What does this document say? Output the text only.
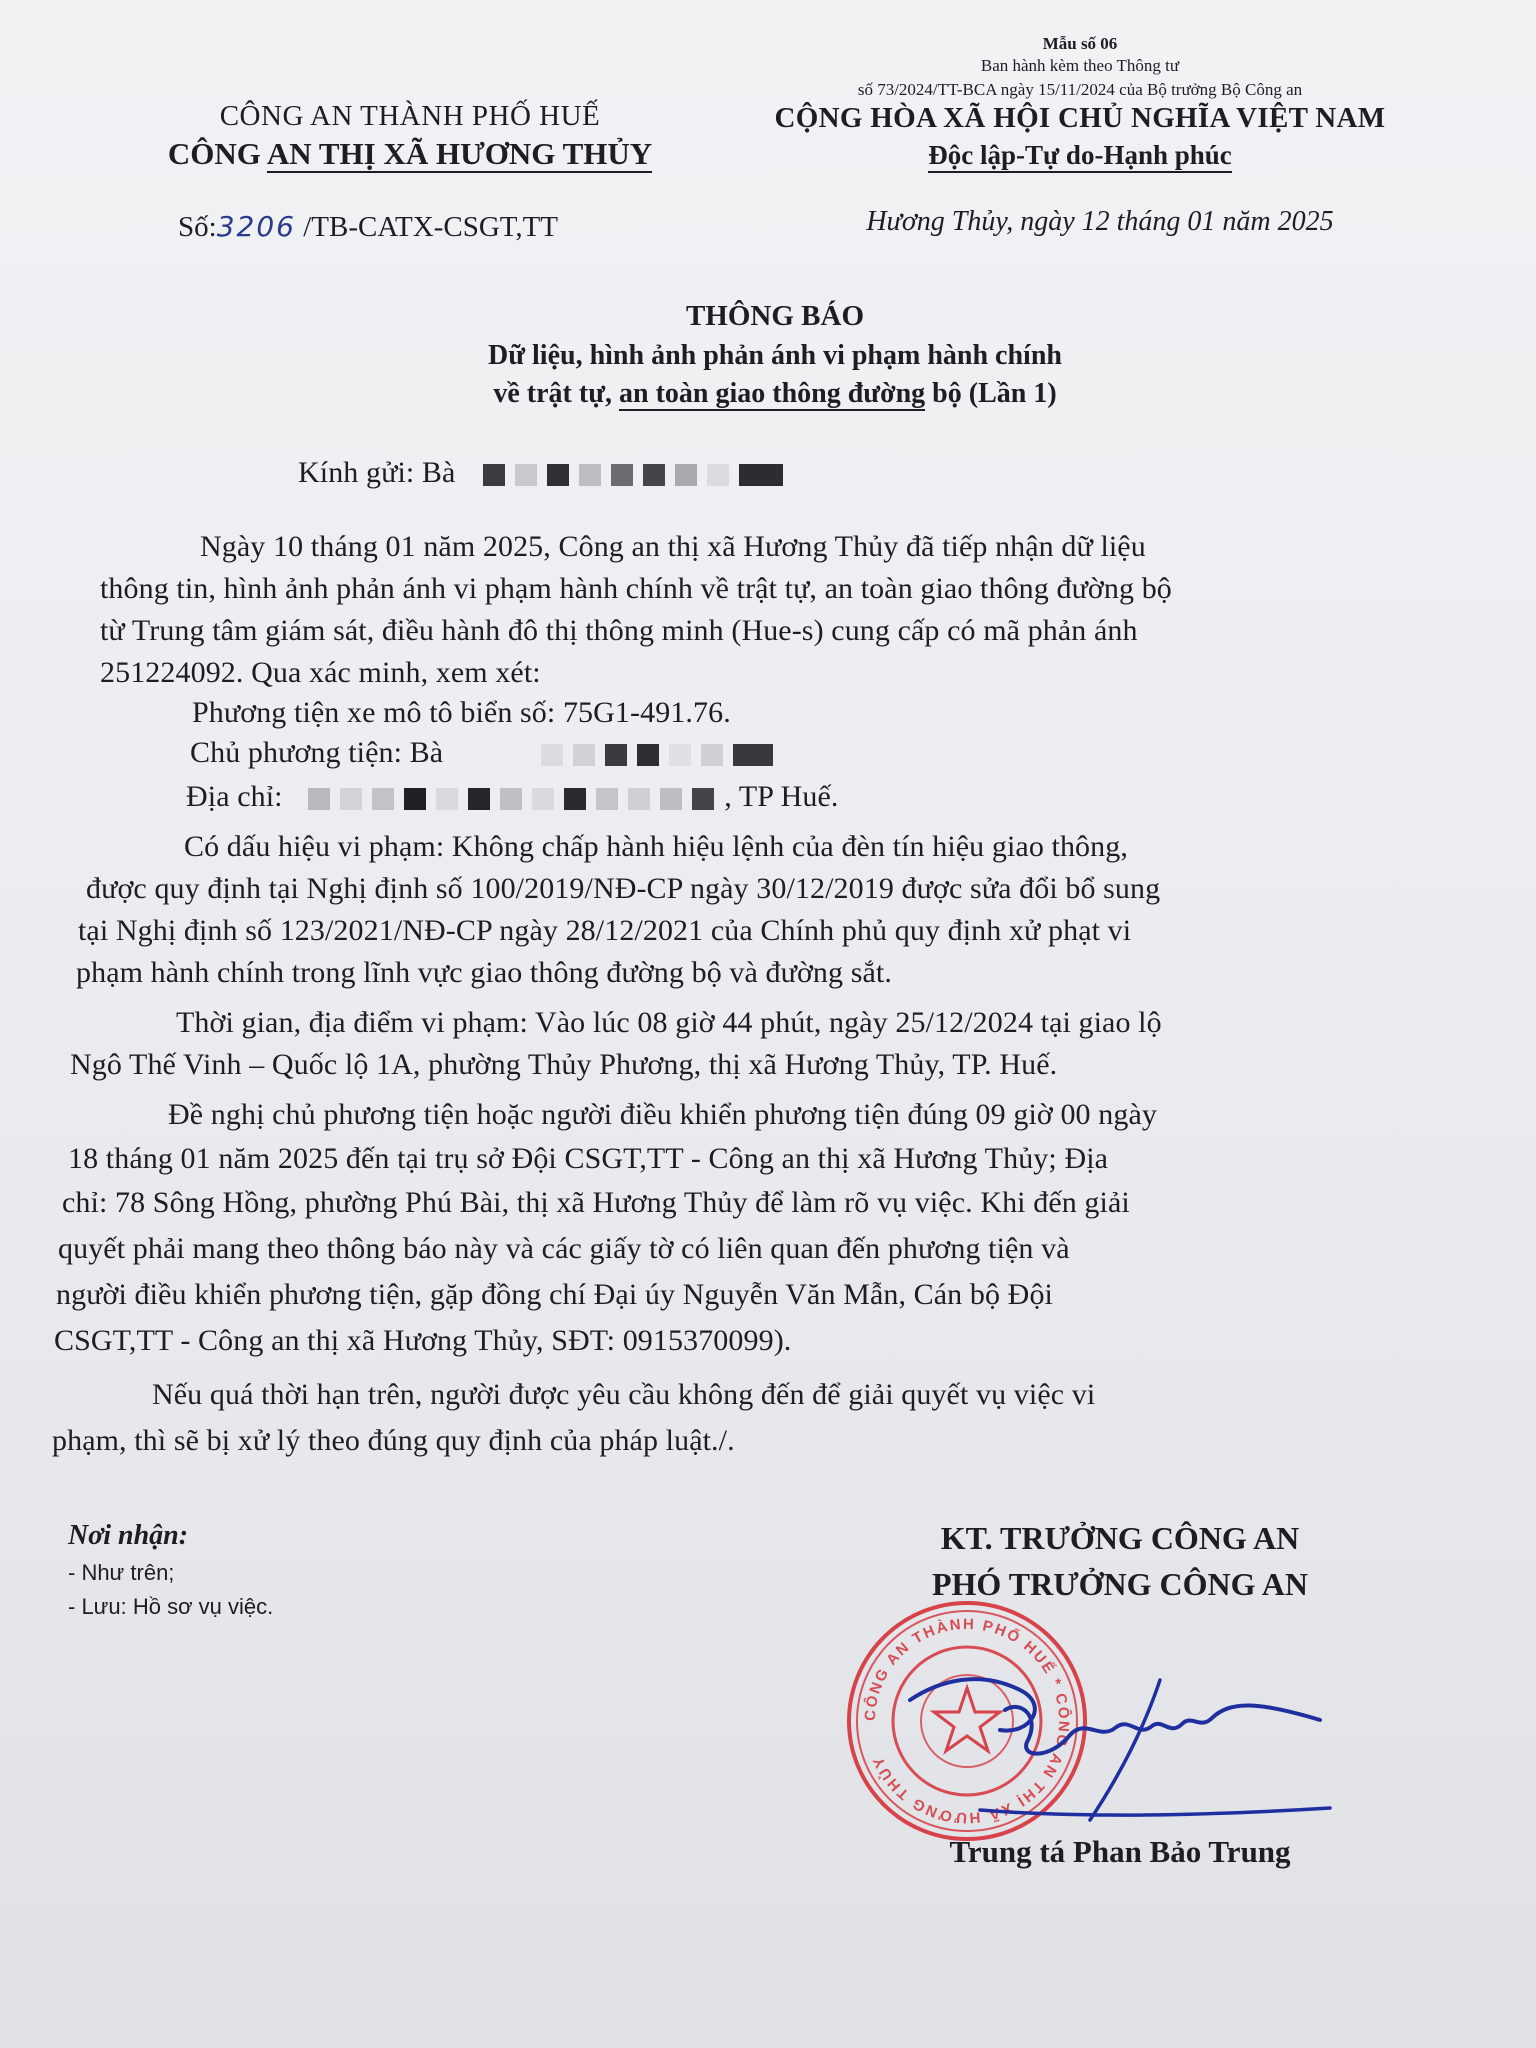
CÔNG AN THÀNH PHỐ HUẾ
CÔNG AN THỊ XÃ HƯƠNG THỦY
Số:3206 /TB-CATX-CSGT,TT
Mẫu số 06
Ban hành kèm theo Thông tư
số 73/2024/TT-BCA ngày 15/11/2024 của Bộ trưởng Bộ Công an
CỘNG HÒA XÃ HỘI CHỦ NGHĨA VIỆT NAM
Độc lập-Tự do-Hạnh phúc
Hương Thủy, ngày 12 tháng 01 năm 2025
THÔNG BÁO
Dữ liệu, hình ảnh phản ánh vi phạm hành chính
về trật tự, an toàn giao thông đường bộ (Lần 1)
Kính gửi: Bà
Ngày 10 tháng 01 năm 2025, Công an thị xã Hương Thủy đã tiếp nhận dữ liệu
thông tin, hình ảnh phản ánh vi phạm hành chính về trật tự, an toàn giao thông đường bộ
từ Trung tâm giám sát, điều hành đô thị thông minh (Hue-s) cung cấp có mã phản ánh
251224092. Qua xác minh, xem xét:
Phương tiện xe mô tô biển số: 75G1-491.76.
Chủ phương tiện: Bà
Địa chỉ:	, TP Huế.
Có dấu hiệu vi phạm: Không chấp hành hiệu lệnh của đèn tín hiệu giao thông,
được quy định tại Nghị định số 100/2019/NĐ-CP ngày 30/12/2019 được sửa đổi bổ sung
tại Nghị định số 123/2021/NĐ-CP ngày 28/12/2021 của Chính phủ quy định xử phạt vi
phạm hành chính trong lĩnh vực giao thông đường bộ và đường sắt.
Thời gian, địa điểm vi phạm: Vào lúc 08 giờ 44 phút, ngày 25/12/2024 tại giao lộ
Ngô Thế Vinh – Quốc lộ 1A, phường Thủy Phương, thị xã Hương Thủy, TP. Huế.
Đề nghị chủ phương tiện hoặc người điều khiển phương tiện đúng 09 giờ 00 ngày
18 tháng 01 năm 2025 đến tại trụ sở Đội CSGT,TT - Công an thị xã Hương Thủy; Địa
chỉ: 78 Sông Hồng, phường Phú Bài, thị xã Hương Thủy để làm rõ vụ việc. Khi đến giải
quyết phải mang theo thông báo này và các giấy tờ có liên quan đến phương tiện và
người điều khiển phương tiện, gặp đồng chí Đại úy Nguyễn Văn Mẫn, Cán bộ Đội
CSGT,TT - Công an thị xã Hương Thủy, SĐT: 0915370099).
Nếu quá thời hạn trên, người được yêu cầu không đến để giải quyết vụ việc vi
phạm, thì sẽ bị xử lý theo đúng quy định của pháp luật./.
Nơi nhận:
- Như trên;
- Lưu: Hồ sơ vụ việc.
KT. TRƯỞNG CÔNG AN
PHÓ TRƯỞNG CÔNG AN
CÔNG AN THÀNH PHỐ HUẾ * CÔNG AN THỊ XÃ HƯƠNG THỦY
Trung tá Phan Bảo Trung
